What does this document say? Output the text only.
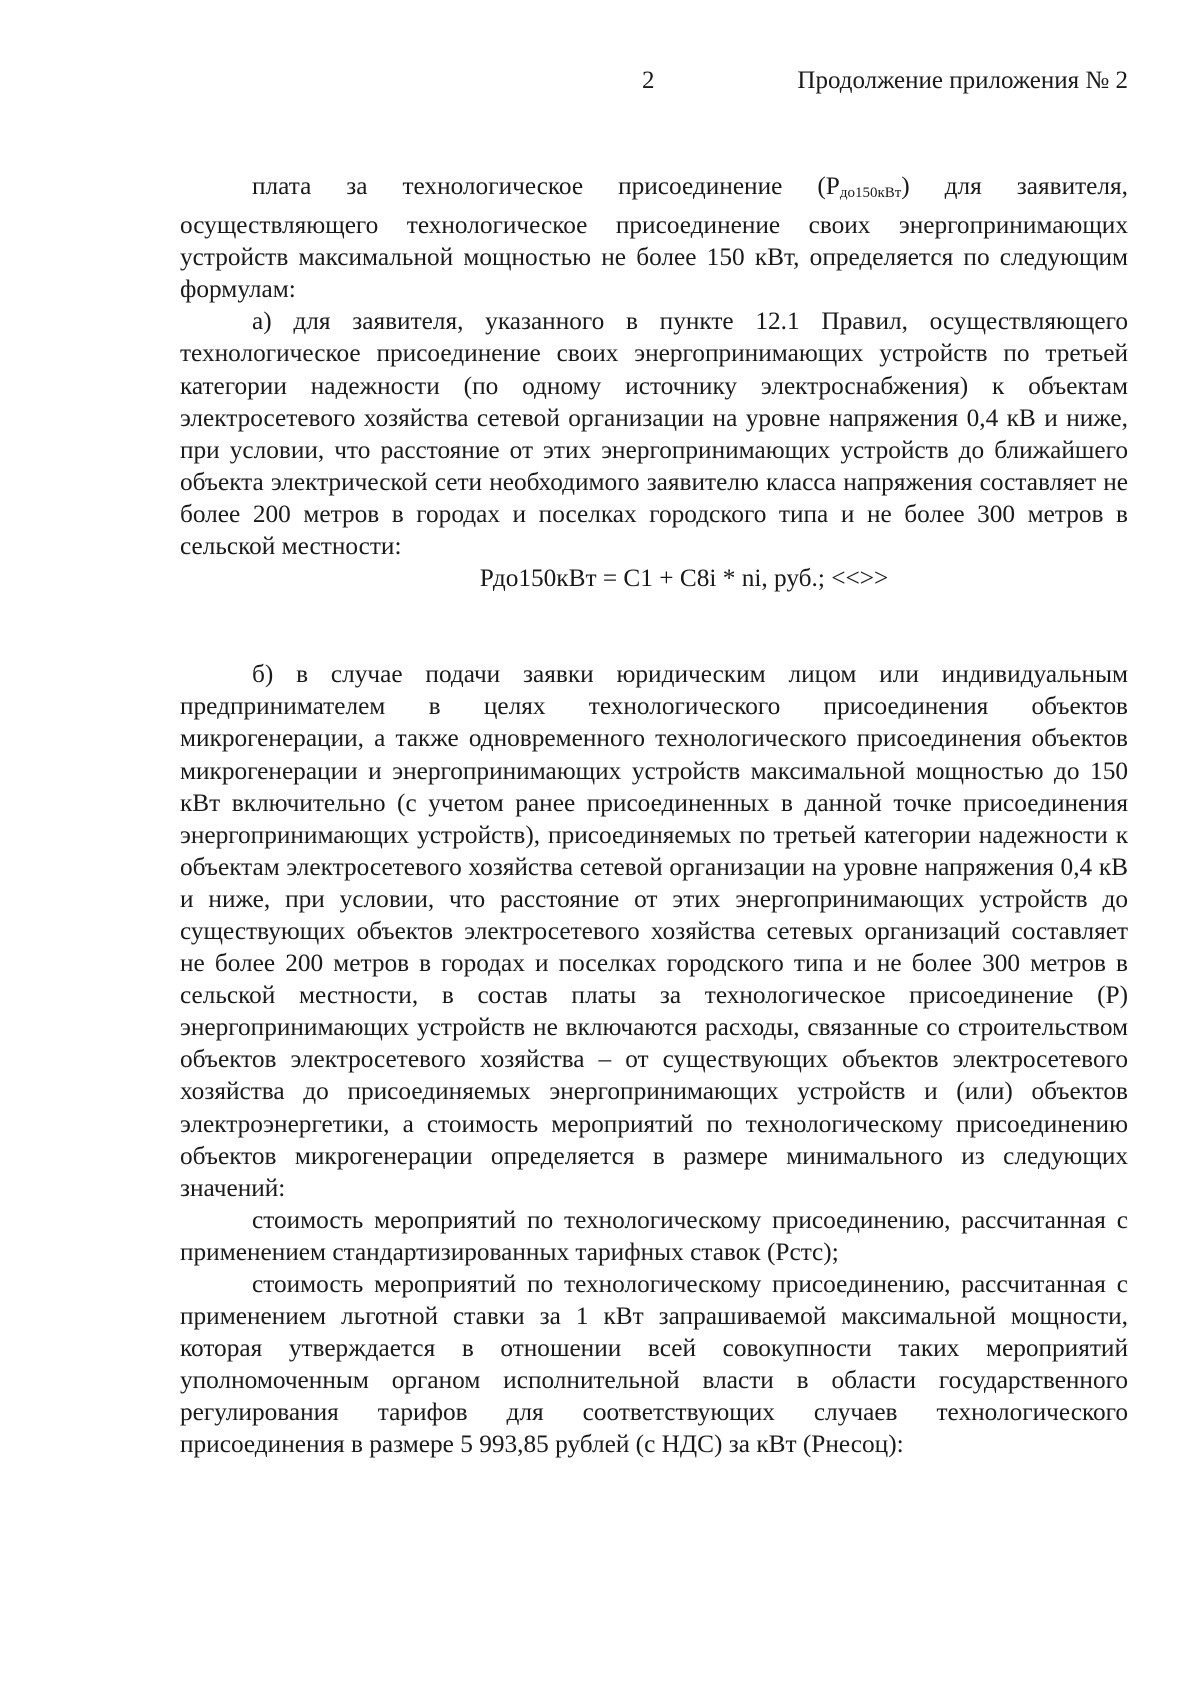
2	Продолжение приложения № 2

плата за технологическое присоединение $(Р_{до150кВт})$ для заявителя, осуществляющего технологическое присоединение своих энергопринимающих устройств максимальной мощностью не более 150 кВт, определяется по следующим формулам:

а) для заявителя, указанного в пункте 12.1 Правил, осуществляющего технологическое присоединение своих энергопринимающих устройств по третьей категории надежности (по одному источнику электроснабжения) к объектам электросетевого хозяйства сетевой организации на уровне напряжения 0,4 кВ и ниже, при условии, что расстояние от этих энергопринимающих устройств до ближайшего объекта электрической сети необходимого заявителю класса напряжения составляет не более 200 метров в городах и поселках городского типа и не более 300 метров в сельской местности:

Рдо150кВт = С1 + С8i * ni, руб.; <<>>

б) в случае подачи заявки юридическим лицом или индивидуальным предпринимателем в целях технологического присоединения объектов микрогенерации, а также одновременного технологического присоединения объектов микрогенерации и энергопринимающих устройств максимальной мощностью до 150 кВт включительно (с учетом ранее присоединенных в данной точке присоединения энергопринимающих устройств), присоединяемых по третьей категории надежности к объектам электросетевого хозяйства сетевой организации на уровне напряжения 0,4 кВ и ниже, при условии, что расстояние от этих энергопринимающих устройств до существующих объектов электросетевого хозяйства сетевых организаций составляет не более 200 метров в городах и поселках городского типа и не более 300 метров в сельской местности, в состав платы за технологическое присоединение (Р) энергопринимающих устройств не включаются расходы, связанные со строительством объектов электросетевого хозяйства – от существующих объектов электросетевого хозяйства до присоединяемых энергопринимающих устройств и (или) объектов электроэнергетики, а стоимость мероприятий по технологическому присоединению объектов микрогенерации определяется в размере минимального из следующих значений:

стоимость мероприятий по технологическому присоединению, рассчитанная с применением стандартизированных тарифных ставок (Рстс);

стоимость мероприятий по технологическому присоединению, рассчитанная с применением льготной ставки за 1 кВт запрашиваемой максимальной мощности, которая утверждается в отношении всей совокупности таких мероприятий уполномоченным органом исполнительной власти в области государственного регулирования тарифов для соответствующих случаев технологического присоединения в размере 5 993,85 рублей (с НДС) за кВт (Рнесоц):
